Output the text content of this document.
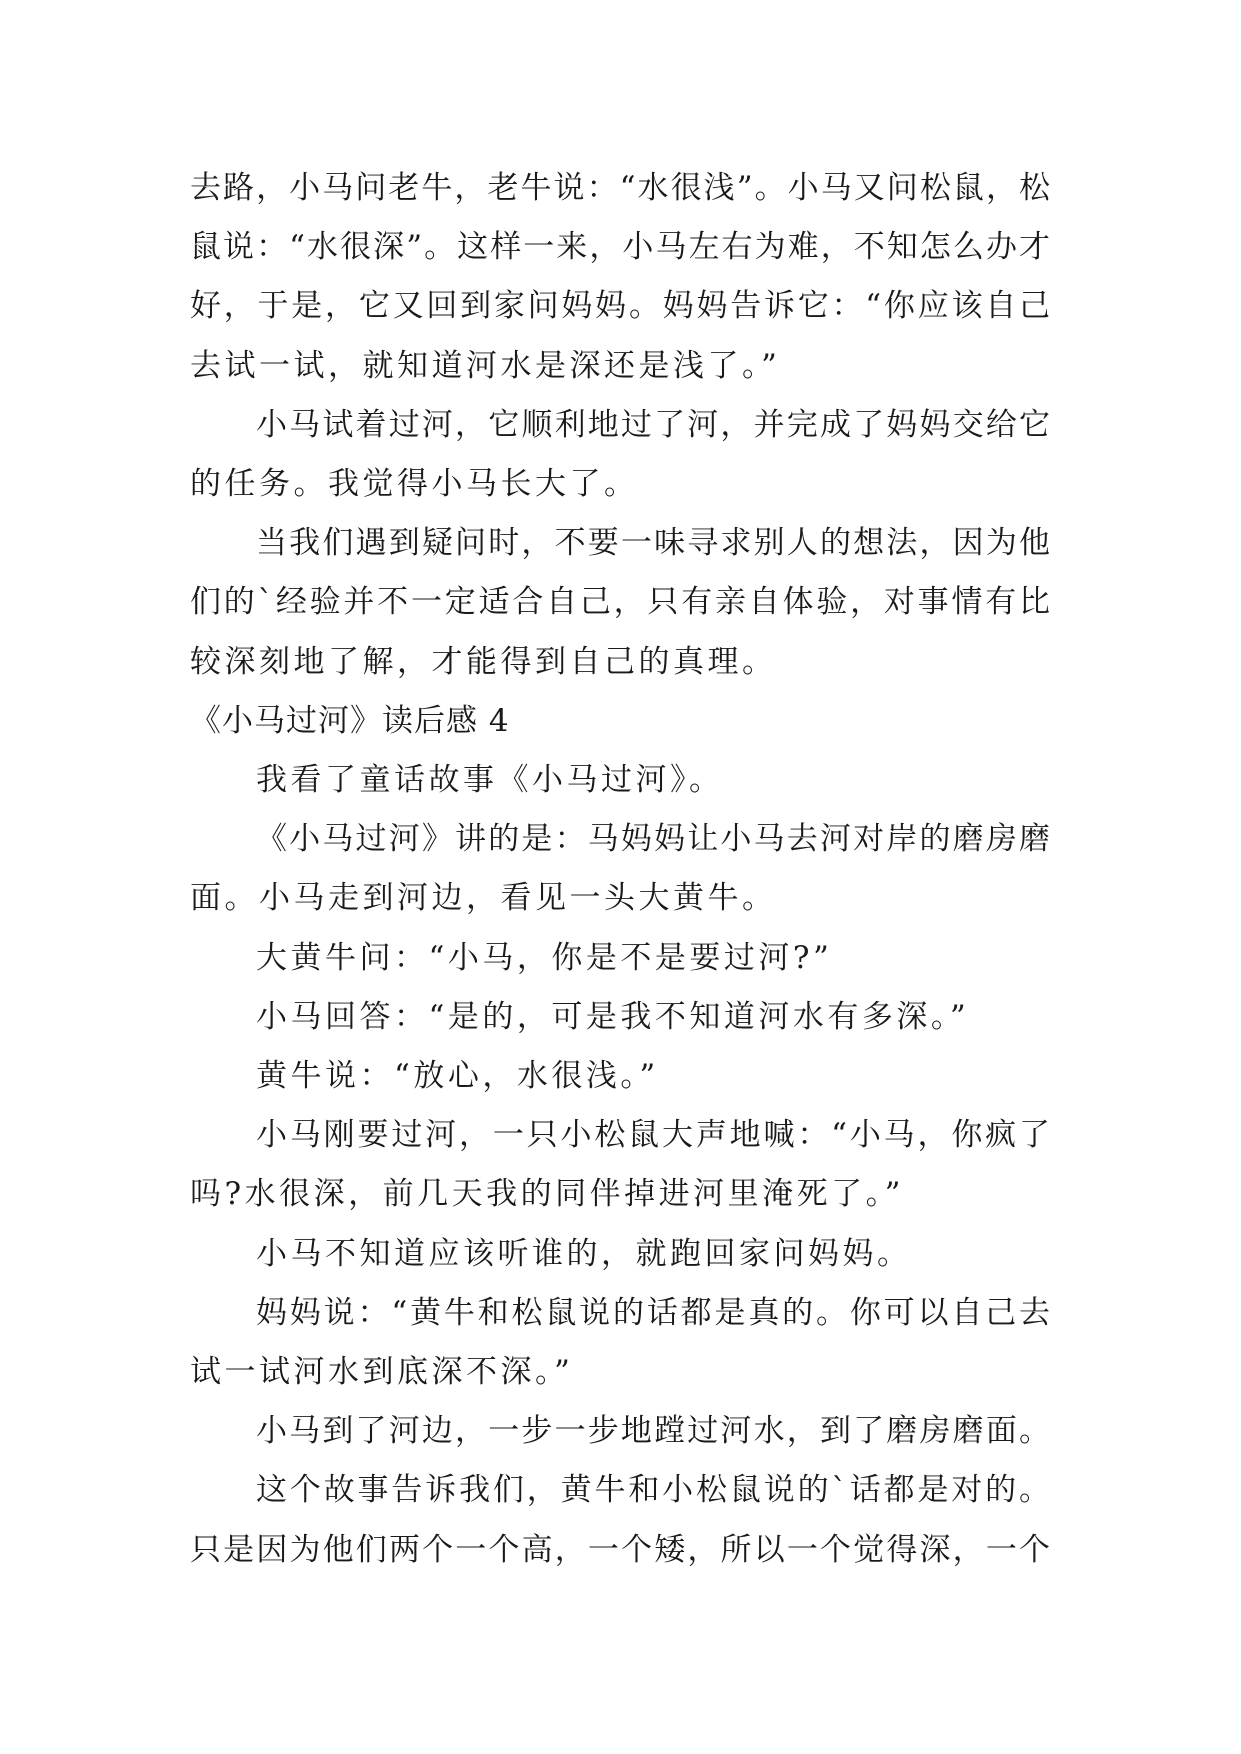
去路，小马问老牛，老牛说：“水很浅”。小马又问松鼠，松
鼠说：“水很深”。这样一来，小马左右为难，不知怎么办才
好，于是，它又回到家问妈妈。妈妈告诉它：“你应该自己
去试一试，就知道河水是深还是浅了。”
小马试着过河，它顺利地过了河，并完成了妈妈交给它
的任务。我觉得小马长大了。
当我们遇到疑问时，不要一味寻求别人的想法，因为他
们的`经验并不一定适合自己，只有亲自体验，对事情有比
较深刻地了解，才能得到自己的真理。
《小马过河》读后感 4
我看了童话故事《小马过河》。
《小马过河》讲的是：马妈妈让小马去河对岸的磨房磨
面。小马走到河边，看见一头大黄牛。
大黄牛问：“小马，你是不是要过河?”
小马回答：“是的，可是我不知道河水有多深。”
黄牛说：“放心，水很浅。”
小马刚要过河，一只小松鼠大声地喊：“小马，你疯了
吗?水很深，前几天我的同伴掉进河里淹死了。”
小马不知道应该听谁的，就跑回家问妈妈。
妈妈说：“黄牛和松鼠说的话都是真的。你可以自己去
试一试河水到底深不深。”
小马到了河边，一步一步地蹚过河水，到了磨房磨面。
这个故事告诉我们，黄牛和小松鼠说的`话都是对的。
只是因为他们两个一个高，一个矮，所以一个觉得深，一个
